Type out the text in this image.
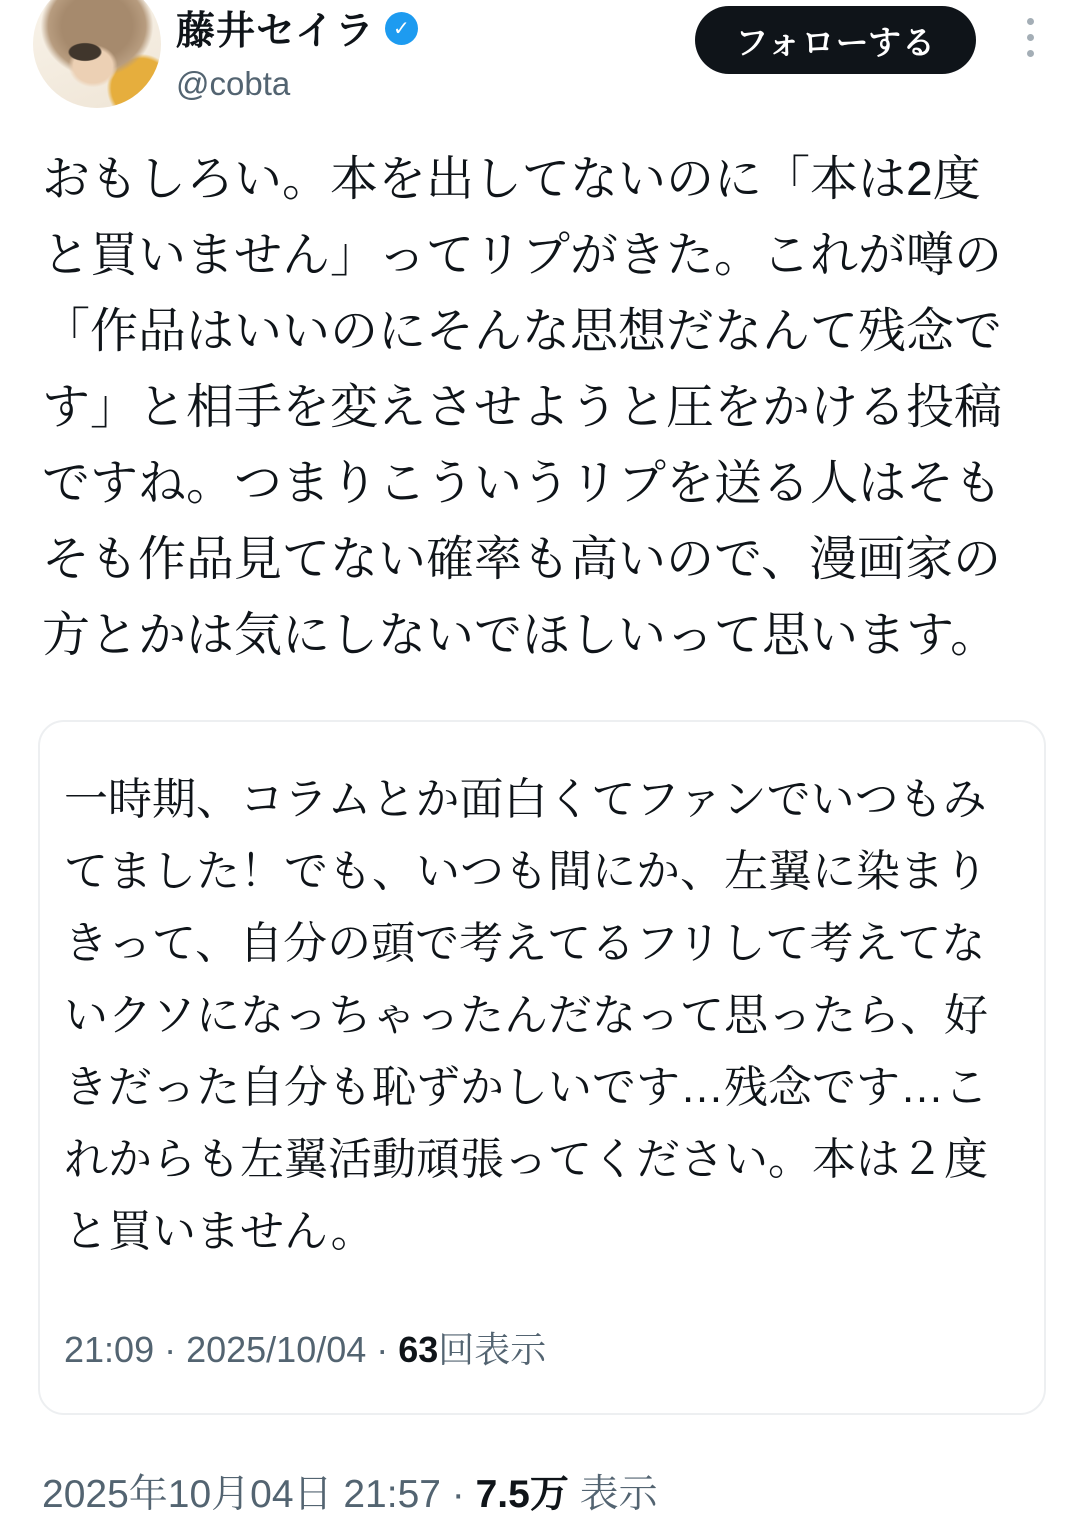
藤井セイラ ✓
@cobta
フォローする
おもしろい。本を出してないのに「本は2度と買いません」ってリプがきた。これが噂の「作品はいいのにそんな思想だなんて残念です」と相手を変えさせようと圧をかける投稿ですね。つまりこういうリプを送る人はそもそも作品見てない確率も高いので、漫画家の方とかは気にしないでほしいって思います。
一時期、コラムとか面白くてファンでいつもみてました！でも、いつも間にか、左翼に染まりきって、自分の頭で考えてるフリして考えてないクソになっちゃったんだなって思ったら、好きだった自分も恥ずかしいです…残念です…これからも左翼活動頑張ってください。本は２度と買いません。
21:09 · 2025/10/04 · 63回表示
2025年10月04日 21:57 · 7.5万 表示
